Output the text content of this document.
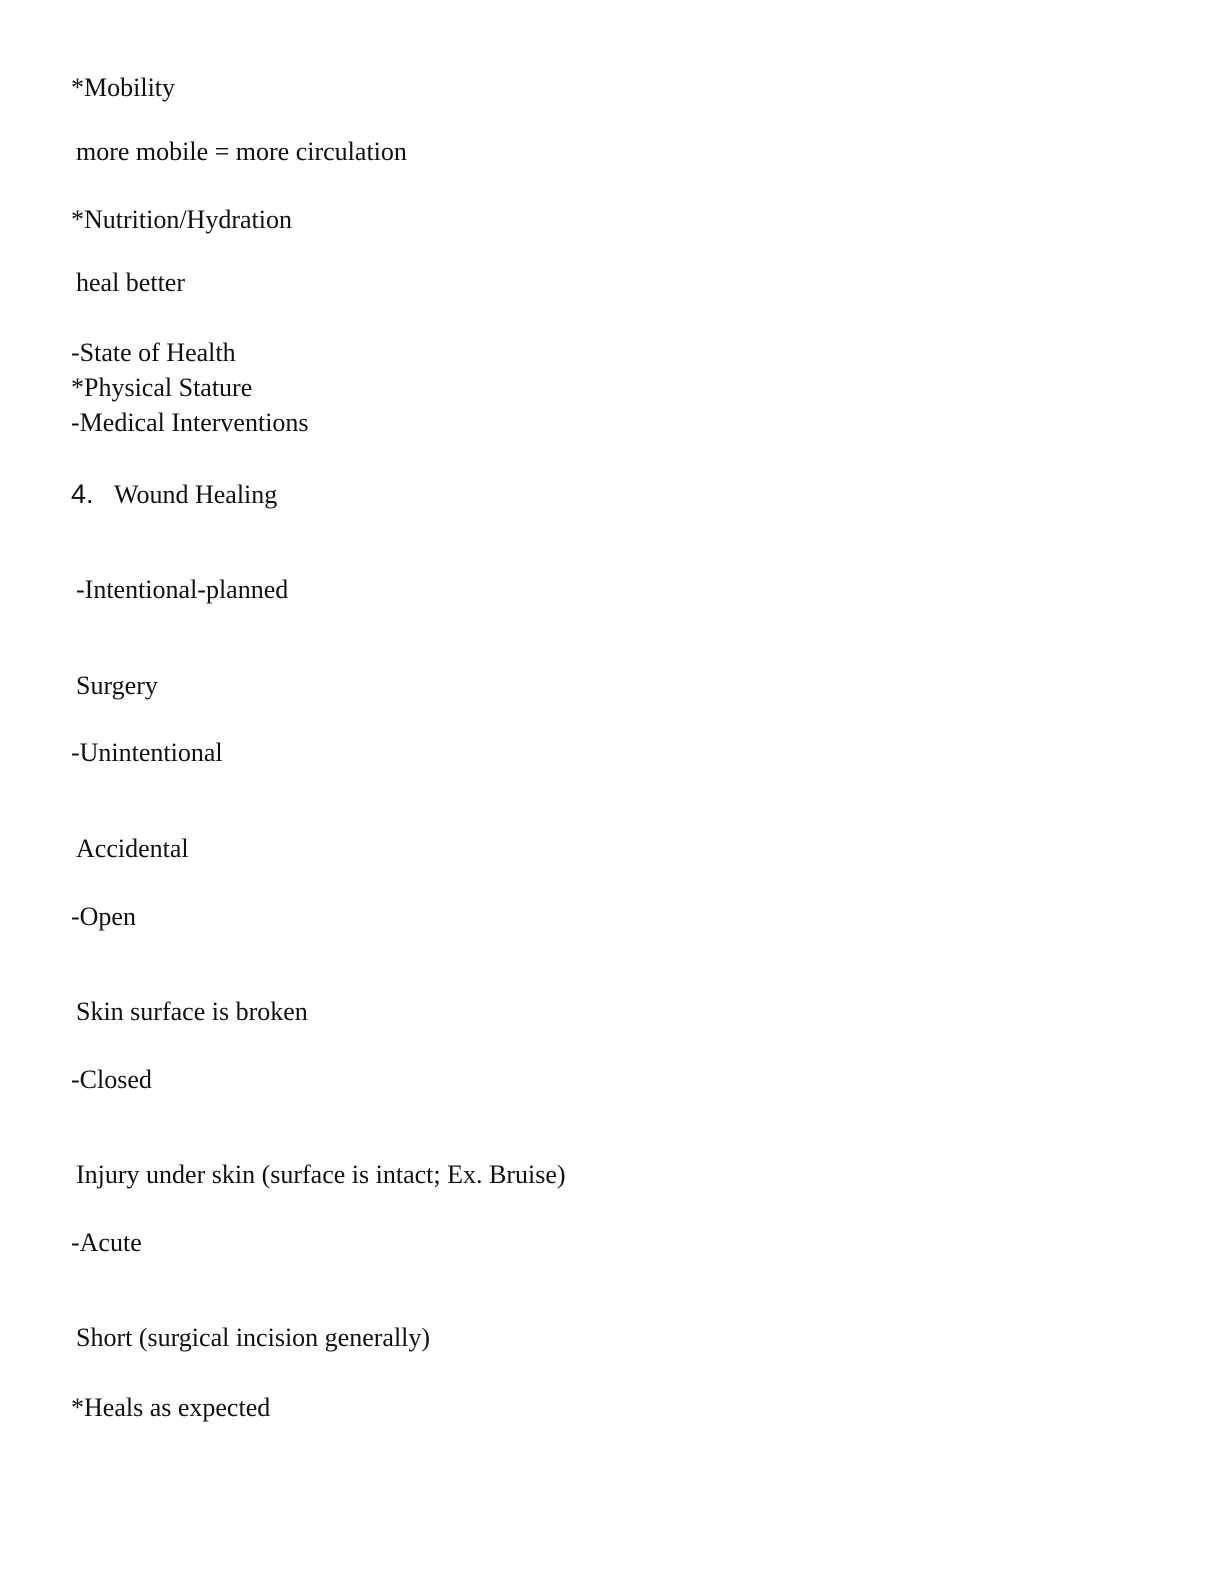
*Mobility
more mobile = more circulation
*Nutrition/Hydration
heal better
-State of Health
*Physical Stature
-Medical Interventions
4. Wound Healing
-Intentional-planned
Surgery
-Unintentional
Accidental
-Open
Skin surface is broken
-Closed
Injury under skin (surface is intact; Ex. Bruise)
-Acute
Short (surgical incision generally)
*Heals as expected
